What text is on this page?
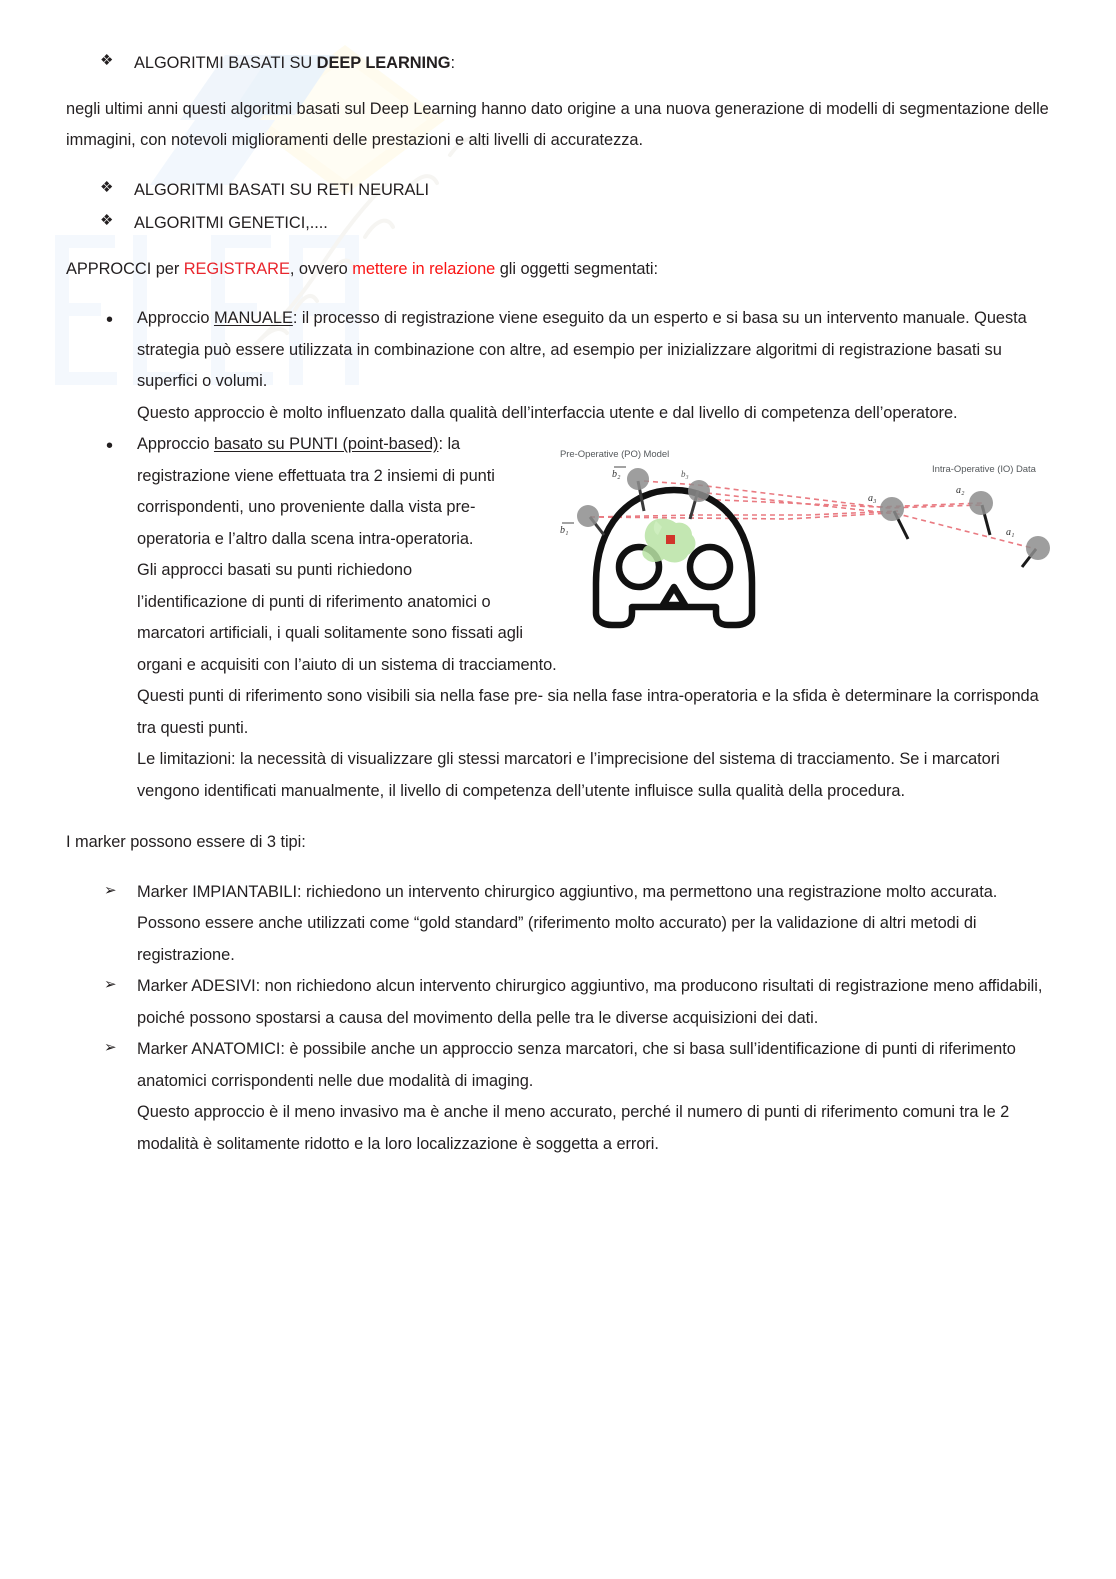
❖ ALGORITMI BASATI SU DEEP LEARNING:

negli ultimi anni questi algoritmi basati sul Deep Learning hanno dato origine a una nuova generazione di modelli di segmentazione delle immagini, con notevoli miglioramenti delle prestazioni e alti livelli di accuratezza.

❖ ALGORITMI BASATI SU RETI NEURALI
❖ ALGORITMI GENETICI,....

APPROCCI per REGISTRARE, ovvero mettere in relazione gli oggetti segmentati:

• Approccio MANUALE: il processo di registrazione viene eseguito da un esperto e si basa su un intervento manuale. Questa strategia può essere utilizzata in combinazione con altre, ad esempio per inizializzare algoritmi di registrazione basati su superfici o volumi.
Questo approccio è molto influenzato dalla qualità dell’interfaccia utente e dal livello di competenza dell’operatore.
• Pre-Operative (PO) Model
Intra-Operative (IO) Data
b₂	b₃
b₁
a₃
a₂
a₁
Approccio basato su PUNTI (point-based): la registrazione viene effettuata tra 2 insiemi di punti corrispondenti, uno proveniente dalla vista pre-operatoria e l’altro dalla scena intra-operatoria.
Gli approcci basati su punti richiedono l’identificazione di punti di riferimento anatomici o marcatori artificiali, i quali solitamente sono fissati agli organi e acquisiti con l’aiuto di un sistema di tracciamento.
Questi punti di riferimento sono visibili sia nella fase pre- sia nella fase intra-operatoria e la sfida è determinare la corrisponda tra questi punti.
Le limitazioni: la necessità di visualizzare gli stessi marcatori e l’imprecisione del sistema di tracciamento. Se i marcatori vengono identificati manualmente, il livello di competenza dell’utente influisce sulla qualità della procedura.

I marker possono essere di 3 tipi:

➢ Marker IMPIANTABILI: richiedono un intervento chirurgico aggiuntivo, ma permettono una registrazione molto accurata. Possono essere anche utilizzati come “gold standard” (riferimento molto accurato) per la validazione di altri metodi di registrazione.
➢ Marker ADESIVI: non richiedono alcun intervento chirurgico aggiuntivo, ma producono risultati di registrazione meno affidabili, poiché possono spostarsi a causa del movimento della pelle tra le diverse acquisizioni dei dati.
➢ Marker ANATOMICI: è possibile anche un approccio senza marcatori, che si basa sull’identificazione di punti di riferimento anatomici corrispondenti nelle due modalità di imaging.
Questo approccio è il meno invasivo ma è anche il meno accurato, perché il numero di punti di riferimento comuni tra le 2 modalità è solitamente ridotto e la loro localizzazione è soggetta a errori.
